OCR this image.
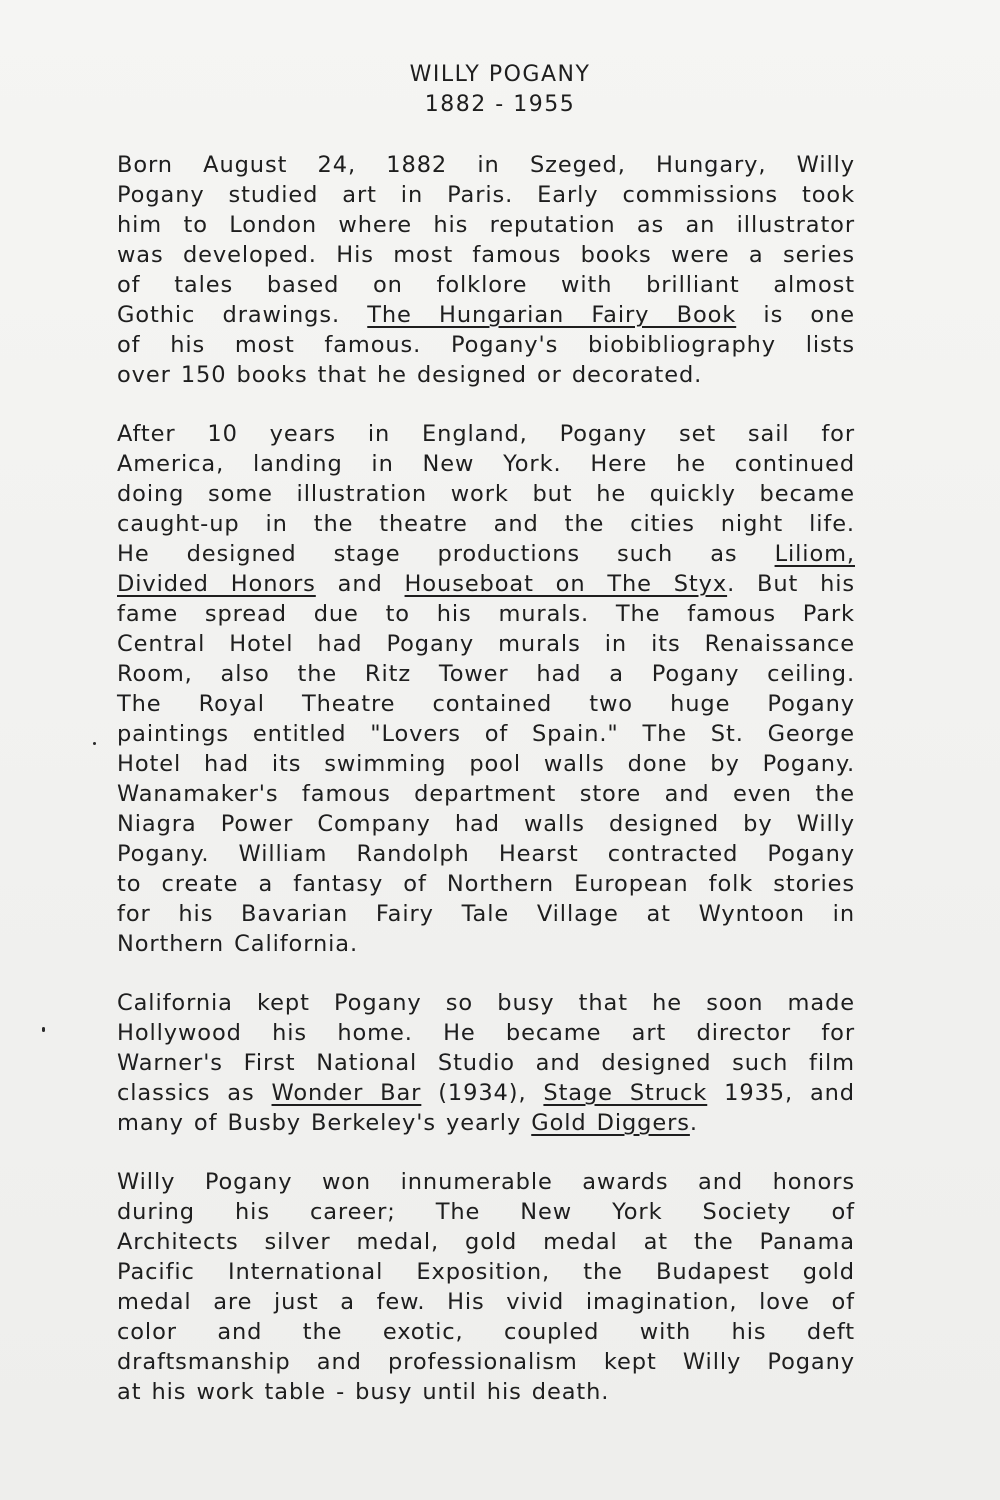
WILLY POGANY
1882 - 1955
Born August 24, 1882 in Szeged, Hungary, Willy
Pogany studied art in Paris. Early commissions took
him to London where his reputation as an illustrator
was developed. His most famous books were a series
of tales based on folklore with brilliant almost
Gothic drawings. The Hungarian Fairy Book is one
of his most famous. Pogany's biobibliography lists
over 150 books that he designed or decorated.
After 10 years in England, Pogany set sail for
America, landing in New York. Here he continued
doing some illustration work but he quickly became
caught-up in the theatre and the cities night life.
He designed stage productions such as Liliom,
Divided Honors and Houseboat on The Styx. But his
fame spread due to his murals. The famous Park
Central Hotel had Pogany murals in its Renaissance
Room, also the Ritz Tower had a Pogany ceiling.
The Royal Theatre contained two huge Pogany
paintings entitled "Lovers of Spain." The St. George
Hotel had its swimming pool walls done by Pogany.
Wanamaker's famous department store and even the
Niagra Power Company had walls designed by Willy
Pogany. William Randolph Hearst contracted Pogany
to create a fantasy of Northern European folk stories
for his Bavarian Fairy Tale Village at Wyntoon in
Northern California.
California kept Pogany so busy that he soon made
Hollywood his home. He became art director for
Warner's First National Studio and designed such film
classics as Wonder Bar (1934), Stage Struck 1935, and
many of Busby Berkeley's yearly Gold Diggers.
Willy Pogany won innumerable awards and honors
during his career; The New York Society of
Architects silver medal, gold medal at the Panama
Pacific International Exposition, the Budapest gold
medal are just a few. His vivid imagination, love of
color and the exotic, coupled with his deft
draftsmanship and professionalism kept Willy Pogany
at his work table - busy until his death.
